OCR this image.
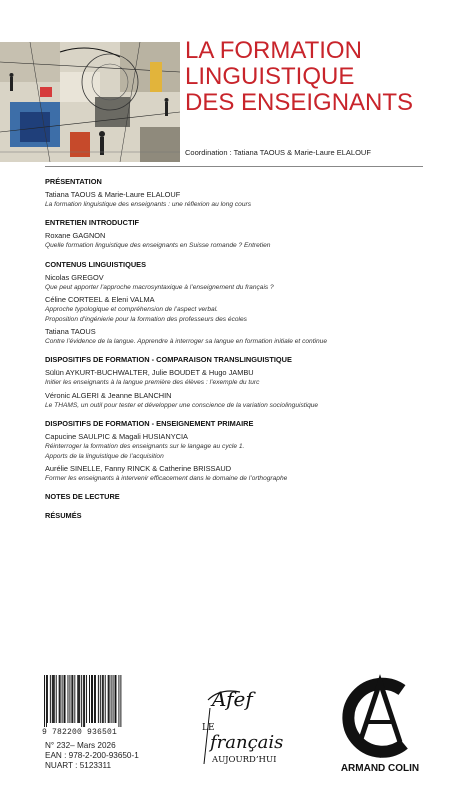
LA FORMATION
LINGUISTIQUE
DES ENSEIGNANTS
Coordination : Tatiana TAOUS & Marie-Laure ELALOUF
PRÉSENTATION
Tatiana TAOUS & Marie-Laure ELALOUF
La formation linguistique des enseignants : une réflexion au long cours
ENTRETIEN INTRODUCTIF
Roxane GAGNON
Quelle formation linguistique des enseignants en Suisse romande ? Entretien
CONTENUS LINGUISTIQUES
Nicolas GREGOV
Que peut apporter l’approche macrosyntaxique à l’enseignement du français ?
Céline CORTEEL & Eleni VALMA
Approche typologique et compréhension de l’aspect verbal.
Proposition d’ingénierie pour la formation des professeurs des écoles
Tatiana TAOUS
Contre l’évidence de la langue. Apprendre à interroger sa langue en formation initiale et continue
DISPOSITIFS DE FORMATION - COMPARAISON TRANSLINGUISTIQUE
Sülün AYKURT-BUCHWALTER, Julie BOUDET & Hugo JAMBU
Initier les enseignants à la langue première des élèves : l’exemple du turc
Véronic ALGERI & Jeanne BLANCHIN
Le THAMS, un outil pour tester et développer une conscience de la variation sociolinguistique
DISPOSITIFS DE FORMATION - ENSEIGNEMENT PRIMAIRE
Capucine SAULPIC & Magali HUSIANYCIA
Réinterroger la formation des enseignants sur le langage au cycle 1.
Apports de la linguistique de l’acquisition
Aurélie SINELLE, Fanny RINCK & Catherine BRISSAUD
Former les enseignants à intervenir efficacement dans le domaine de l’orthographe
NOTES DE LECTURE
RÉSUMÉS
9 782200 936501
N° 232– Mars 2026
EAN : 978-2-200-93650-1
NUART : 5123311
Afef
LE
français
AUJOURD’HUI	AC
ARMAND COLIN
